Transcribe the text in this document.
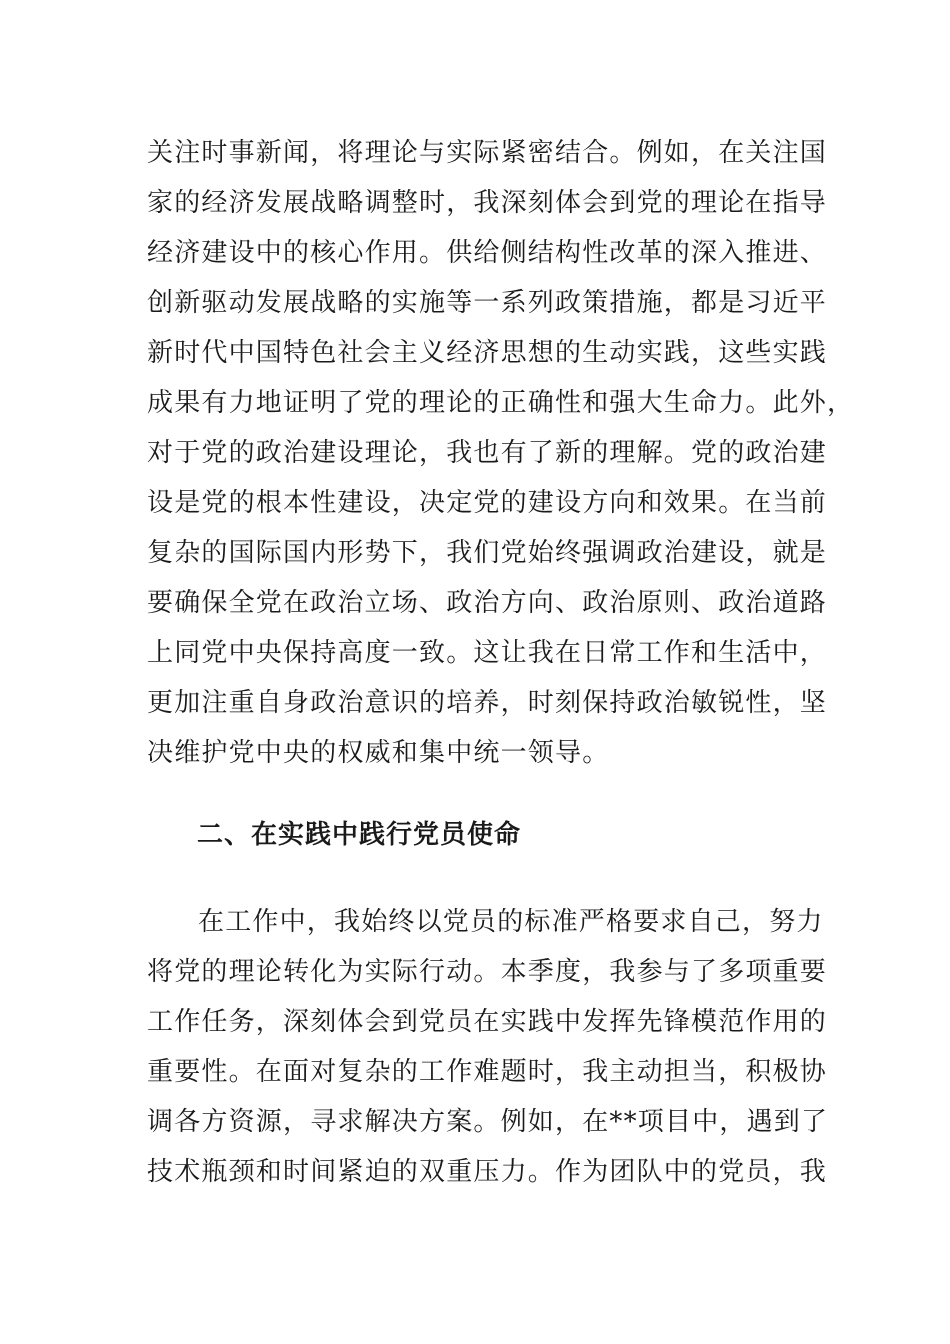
关注时事新闻，将理论与实际紧密结合。例如，在关注国
家的经济发展战略调整时，我深刻体会到党的理论在指导
经济建设中的核心作用。供给侧结构性改革的深入推进、
创新驱动发展战略的实施等一系列政策措施，都是习近平
新时代中国特色社会主义经济思想的生动实践，这些实践
成果有力地证明了党的理论的正确性和强大生命力。此外，
对于党的政治建设理论，我也有了新的理解。党的政治建
设是党的根本性建设，决定党的建设方向和效果。在当前
复杂的国际国内形势下，我们党始终强调政治建设，就是
要确保全党在政治立场、政治方向、政治原则、政治道路
上同党中央保持高度一致。这让我在日常工作和生活中，
更加注重自身政治意识的培养，时刻保持政治敏锐性，坚
决维护党中央的权威和集中统一领导。
二、在实践中践行党员使命
在工作中，我始终以党员的标准严格要求自己，努力
将党的理论转化为实际行动。本季度，我参与了多项重要
工作任务，深刻体会到党员在实践中发挥先锋模范作用的
重要性。在面对复杂的工作难题时，我主动担当，积极协
调各方资源，寻求解决方案。例如，在**项目中，遇到了
技术瓶颈和时间紧迫的双重压力。作为团队中的党员，我
